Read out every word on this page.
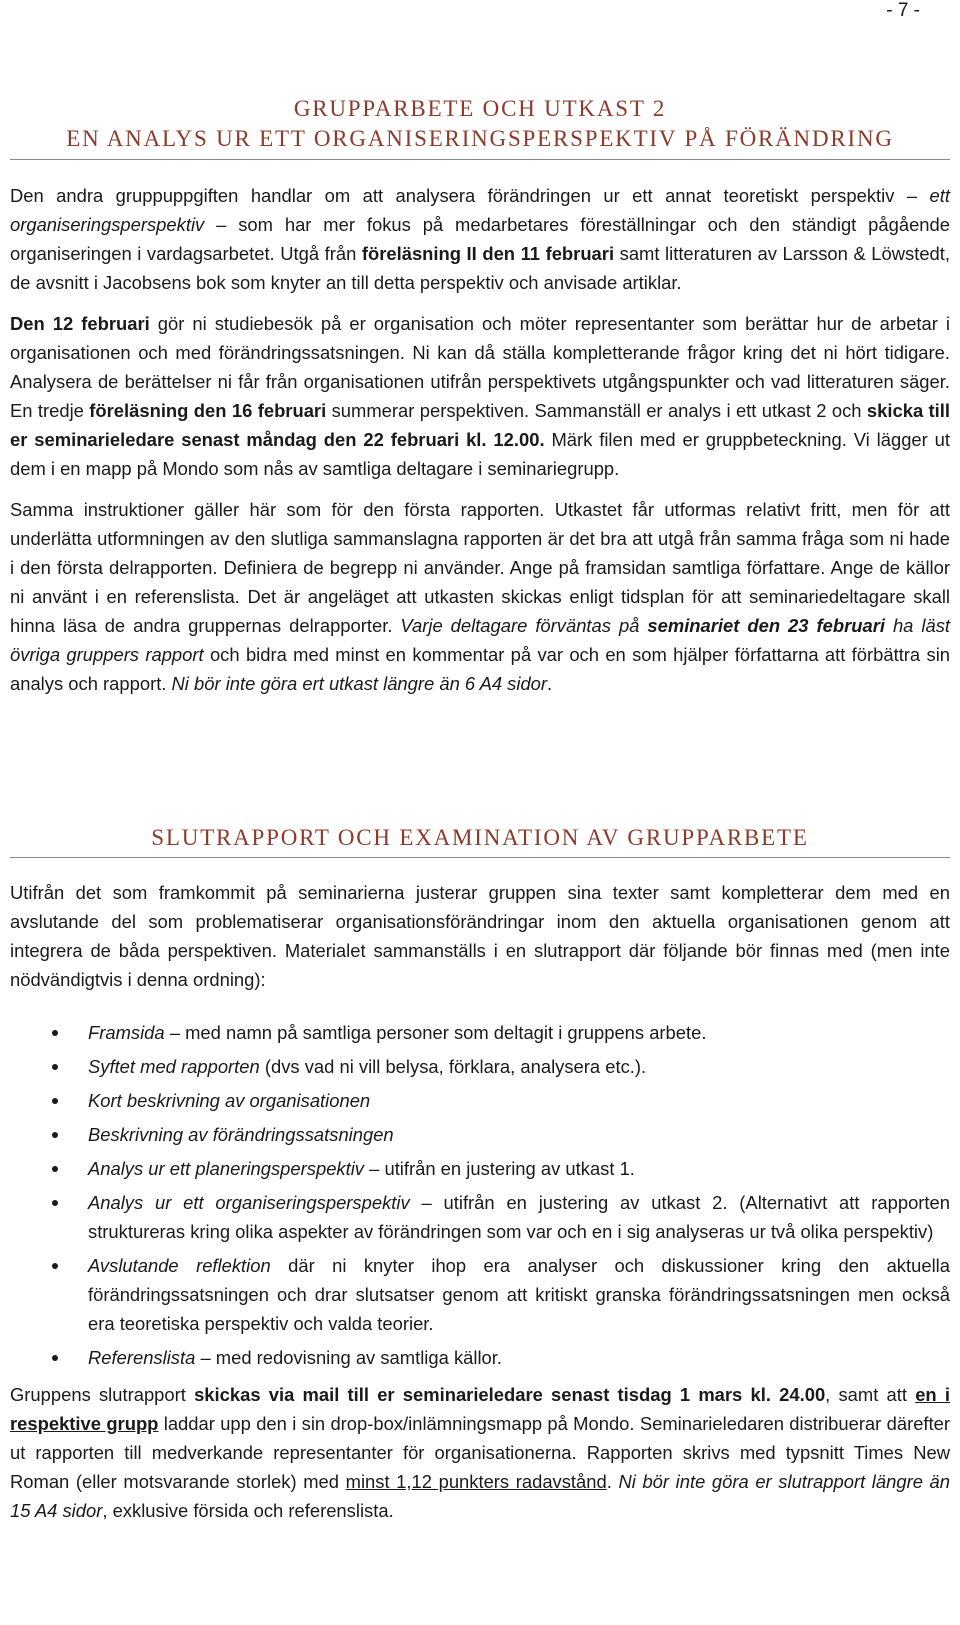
- 7 -
GRUPPARBETE OCH UTKAST 2
EN ANALYS UR ETT ORGANISERINGSPERSPEKTIV PÅ FÖRÄNDRING

Den andra gruppuppgiften handlar om att analysera förändringen ur ett annat teoretiskt perspektiv – ett organiseringsperspektiv – som har mer fokus på medarbetares föreställningar och den ständigt pågående organiseringen i vardagsarbetet. Utgå från föreläsning II den 11 februari samt litteraturen av Larsson & Löwstedt, de avsnitt i Jacobsens bok som knyter an till detta perspektiv och anvisade artiklar.

Den 12 februari gör ni studiebesök på er organisation och möter representanter som berättar hur de arbetar i organisationen och med förändringssatsningen. Ni kan då ställa kompletterande frågor kring det ni hört tidigare. Analysera de berättelser ni får från organisationen utifrån perspektivets utgångspunkter och vad litteraturen säger. En tredje föreläsning den 16 februari summerar perspektiven. Sammanställ er analys i ett utkast 2 och skicka till er seminarieledare senast måndag den 22 februari kl. 12.00. Märk filen med er gruppbeteckning. Vi lägger ut dem i en mapp på Mondo som nås av samtliga deltagare i seminariegrupp.

Samma instruktioner gäller här som för den första rapporten. Utkastet får utformas relativt fritt, men för att underlätta utformningen av den slutliga sammanslagna rapporten är det bra att utgå från samma fråga som ni hade i den första delrapporten. Definiera de begrepp ni använder. Ange på framsidan samtliga författare. Ange de källor ni använt i en referenslista. Det är angeläget att utkasten skickas enligt tidsplan för att seminariedeltagare skall hinna läsa de andra gruppernas delrapporter. Varje deltagare förväntas på seminariet den 23 februari ha läst övriga gruppers rapport och bidra med minst en kommentar på var och en som hjälper författarna att förbättra sin analys och rapport. Ni bör inte göra ert utkast längre än 6 A4 sidor.

SLUTRAPPORT OCH EXAMINATION AV GRUPPARBETE

Utifrån det som framkommit på seminarierna justerar gruppen sina texter samt kompletterar dem med en avslutande del som problematiserar organisationsförändringar inom den aktuella organisationen genom att integrera de båda perspektiven. Materialet sammanställs i en slutrapport där följande bör finnas med (men inte nödvändigtvis i denna ordning):

Framsida – med namn på samtliga personer som deltagit i gruppens arbete.
Syftet med rapporten (dvs vad ni vill belysa, förklara, analysera etc.).
Kort beskrivning av organisationen
Beskrivning av förändringssatsningen
Analys ur ett planeringsperspektiv – utifrån en justering av utkast 1.
Analys ur ett organiseringsperspektiv – utifrån en justering av utkast 2. (Alternativt att rapporten struktureras kring olika aspekter av förändringen som var och en i sig analyseras ur två olika perspektiv)
Avslutande reflektion där ni knyter ihop era analyser och diskussioner kring den aktuella förändringssatsningen och drar slutsatser genom att kritiskt granska förändringssatsningen men också era teoretiska perspektiv och valda teorier.
Referenslista – med redovisning av samtliga källor.

Gruppens slutrapport skickas via mail till er seminarieledare senast tisdag 1 mars kl. 24.00, samt att en i respektive grupp laddar upp den i sin drop-box/inlämningsmapp på Mondo. Seminarieledaren distribuerar därefter ut rapporten till medverkande representanter för organisationerna. Rapporten skrivs med typsnitt Times New Roman (eller motsvarande storlek) med minst 1,12 punkters radavstånd. Ni bör inte göra er slutrapport längre än 15 A4 sidor, exklusive försida och referenslista.
